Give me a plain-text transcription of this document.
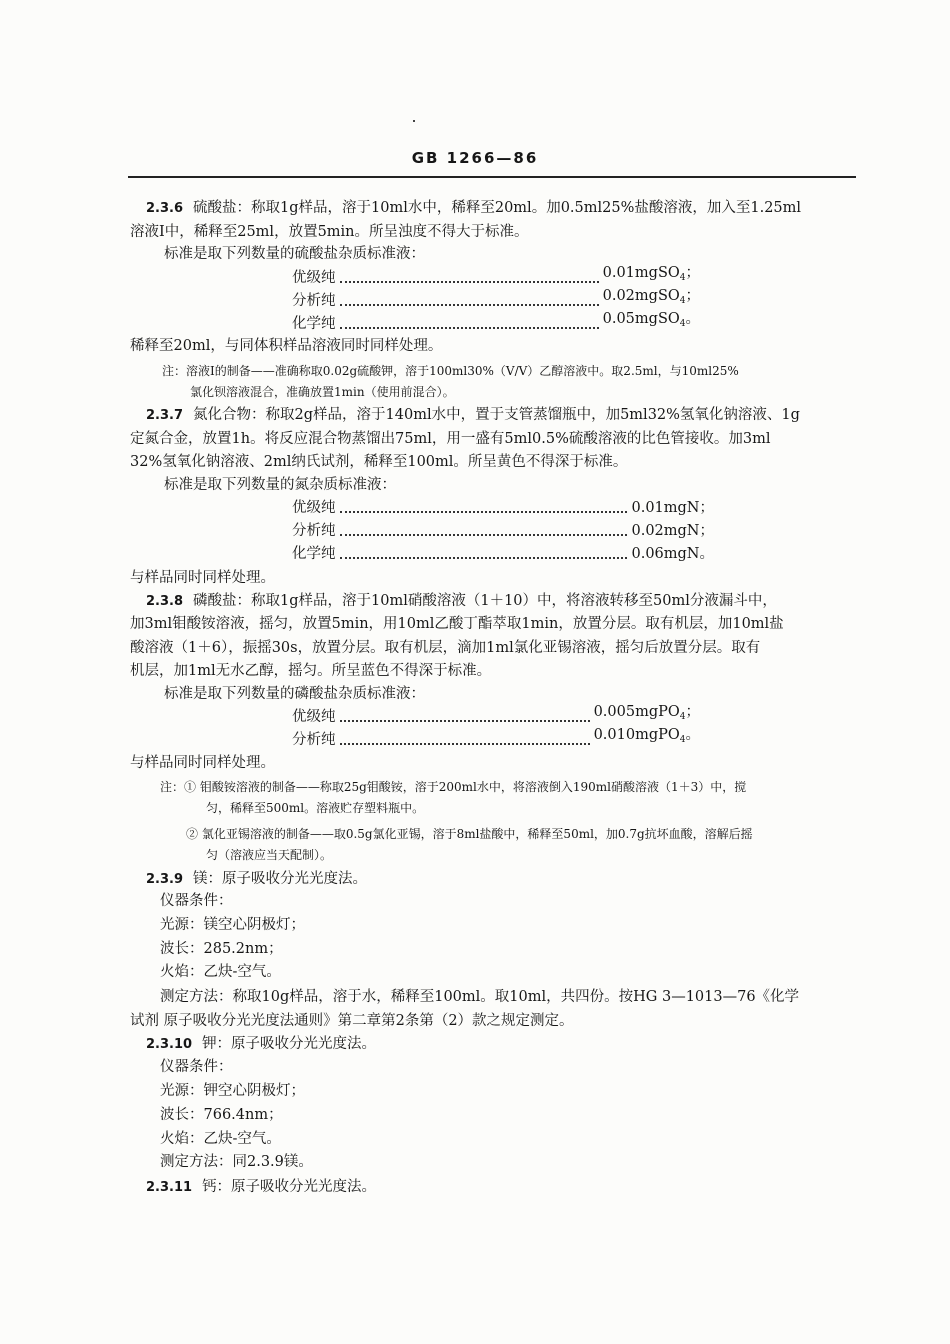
GB 1266—86
2.3.6 硫酸盐：称取1g样品，溶于10ml水中，稀释至20ml。加0.5ml25%盐酸溶液，加入至1.25ml
溶液Ⅰ中，稀释至25ml，放置5min。所呈浊度不得大于标准。
标准是取下列数量的硫酸盐杂质标准液：
优级纯	0.01mgSO$_4$；
分析纯	0.02mgSO$_4$；
化学纯	0.05mgSO$_4$。
稀释至20ml，与同体积样品溶液同时同样处理。
注：溶液Ⅰ的制备——准确称取0.02g硫酸钾，溶于100ml30%（V/V）乙醇溶液中。取2.5ml，与10ml25%
氯化钡溶液混合，准确放置1min（使用前混合）。
2.3.7 氮化合物：称取2g样品，溶于140ml水中，置于支管蒸馏瓶中，加5ml32%氢氧化钠溶液、1g
定氮合金，放置1h。将反应混合物蒸馏出75ml，用一盛有5ml0.5%硫酸溶液的比色管接收。加3ml
32%氢氧化钠溶液、2ml纳氏试剂，稀释至100ml。所呈黄色不得深于标准。
标准是取下列数量的氮杂质标准液：
优级纯	0.01mgN；
分析纯	0.02mgN；
化学纯	0.06mgN。
与样品同时同样处理。
2.3.8 磷酸盐：称取1g样品，溶于10ml硝酸溶液（1＋10）中，将溶液转移至50ml分液漏斗中，
加3ml钼酸铵溶液，摇匀，放置5min，用10ml乙酸丁酯萃取1min，放置分层。取有机层，加10ml盐
酸溶液（1＋6），振摇30s，放置分层。取有机层，滴加1ml氯化亚锡溶液，摇匀后放置分层。取有
机层，加1ml无水乙醇，摇匀。所呈蓝色不得深于标准。
标准是取下列数量的磷酸盐杂质标准液：
优级纯	0.005mgPO$_4$；
分析纯	0.010mgPO$_4$。
与样品同时同样处理。
注：① 钼酸铵溶液的制备——称取25g钼酸铵，溶于200ml水中，将溶液倒入190ml硝酸溶液（1＋3）中，搅
匀，稀释至500ml。溶液贮存塑料瓶中。
② 氯化亚锡溶液的制备——取0.5g氯化亚锡，溶于8ml盐酸中，稀释至50ml，加0.7g抗坏血酸，溶解后摇
匀（溶液应当天配制）。
2.3.9 镁：原子吸收分光光度法。
仪器条件：
光源：镁空心阴极灯；
波长：285.2nm；
火焰：乙炔-空气。
测定方法：称取10g样品，溶于水，稀释至100ml。取10ml，共四份。按HG 3—1013—76《化学
试剂 原子吸收分光光度法通则》第二章第2条第（2）款之规定测定。
2.3.10 钾：原子吸收分光光度法。
仪器条件：
光源：钾空心阴极灯；
波长：766.4nm；
火焰：乙炔-空气。
测定方法：同2.3.9镁。
2.3.11 钙：原子吸收分光光度法。
